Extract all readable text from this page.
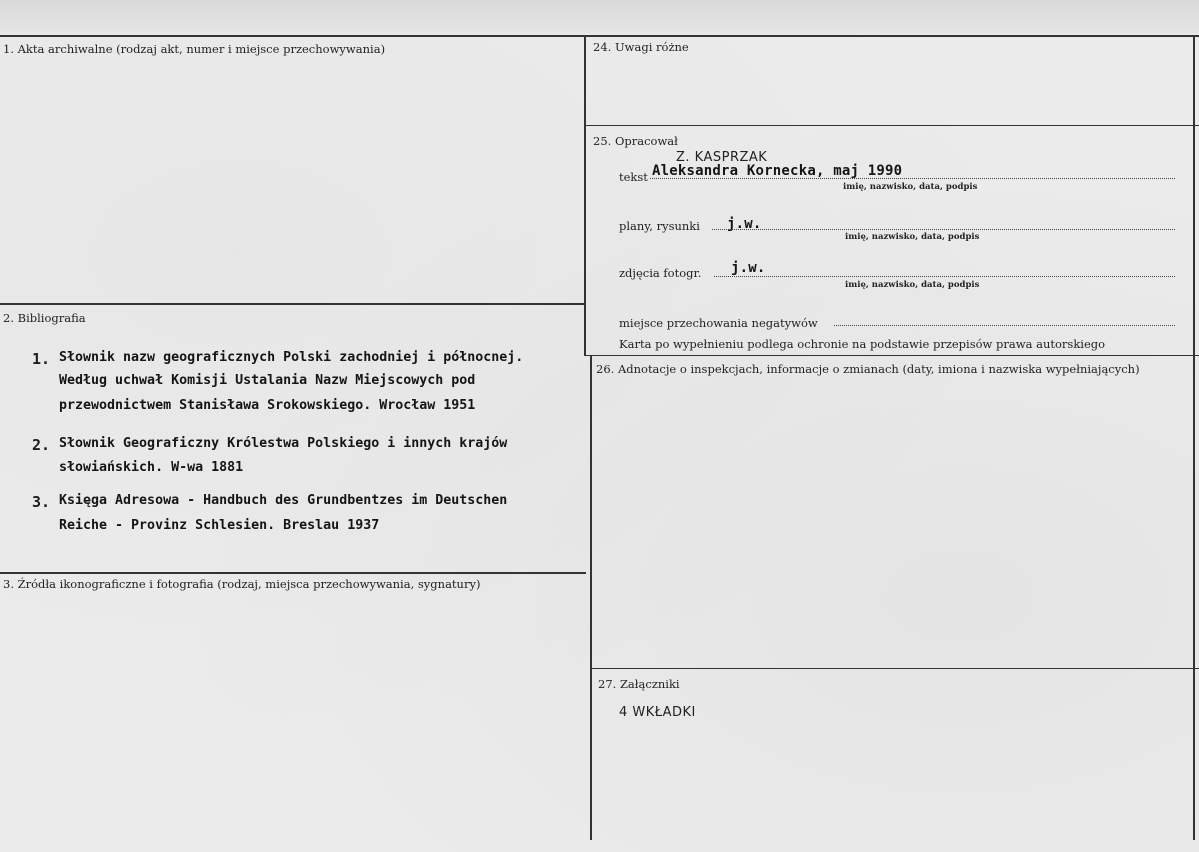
1. Akta archiwalne (rodzaj akt, numer i miejsce przechowywania)
2. Bibliografia
1. Słownik nazw geograficznych Polski zachodniej i północnej.
Według uchwał Komisji Ustalania Nazw Miejscowych pod
przewodnictwem Stanisława Srokowskiego. Wrocław 1951
2. Słownik Geograficzny Królestwa Polskiego i innych krajów
słowiańskich. W-wa 1881
3. Księga Adresowa - Handbuch des Grundbentzes im Deutschen
Reiche - Provinz Schlesien. Breslau 1937
3. Źródła ikonograficzne i fotografia (rodzaj, miejsca przechowywania, sygnatury)
24. Uwagi różne
25. Opracował
Z. KASPRZAK
tekst Aleksandra Kornecka, maj 1990
imię, nazwisko, data, podpis
plany, rysunki j.w.
imię, nazwisko, data, podpis
zdjęcia fotogr. j.w.
imię, nazwisko, data, podpis
miejsce przechowania negatywów
Karta po wypełnieniu podlega ochronie na podstawie przepisów prawa autorskiego
26. Adnotacje o inspekcjach, informacje o zmianach (daty, imiona i nazwiska wypełniających)
27. Załączniki
4 WKŁADKI
